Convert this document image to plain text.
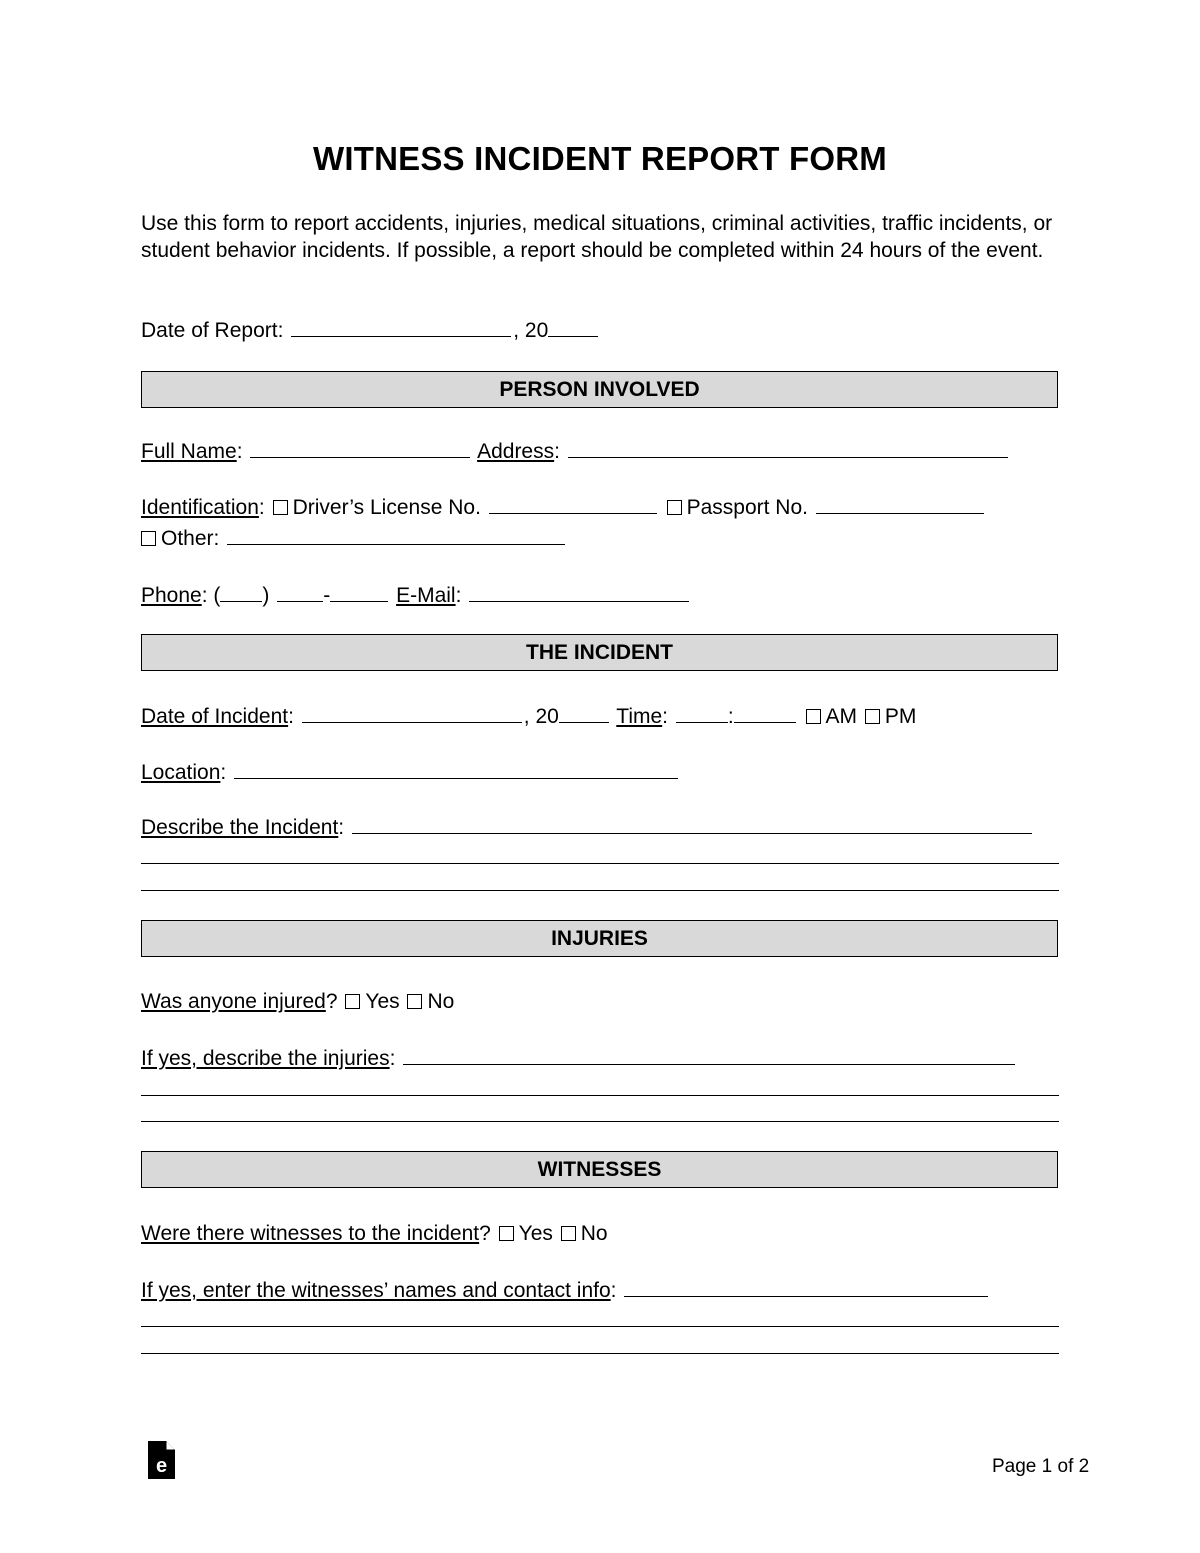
WITNESS INCIDENT REPORT FORM
Use this form to report accidents, injuries, medical situations, criminal activities, traffic incidents, or student behavior incidents. If possible, a report should be completed within 24 hours of the event.
Date of Report:	, 20
PERSON INVOLVED
Full Name:	Address:
Identification: Driver’s License No.	Passport No.
Other:
Phone: ( )	-	E-Mail:
THE INCIDENT
Date of Incident:	, 20	Time:	:	AM PM
Location:
Describe the Incident:
INJURIES
Was anyone injured? Yes No
If yes, describe the injuries:
WITNESSES
Were there witnesses to the incident? Yes No
If yes, enter the witnesses’ names and contact info:
e	Page 1 of 2
